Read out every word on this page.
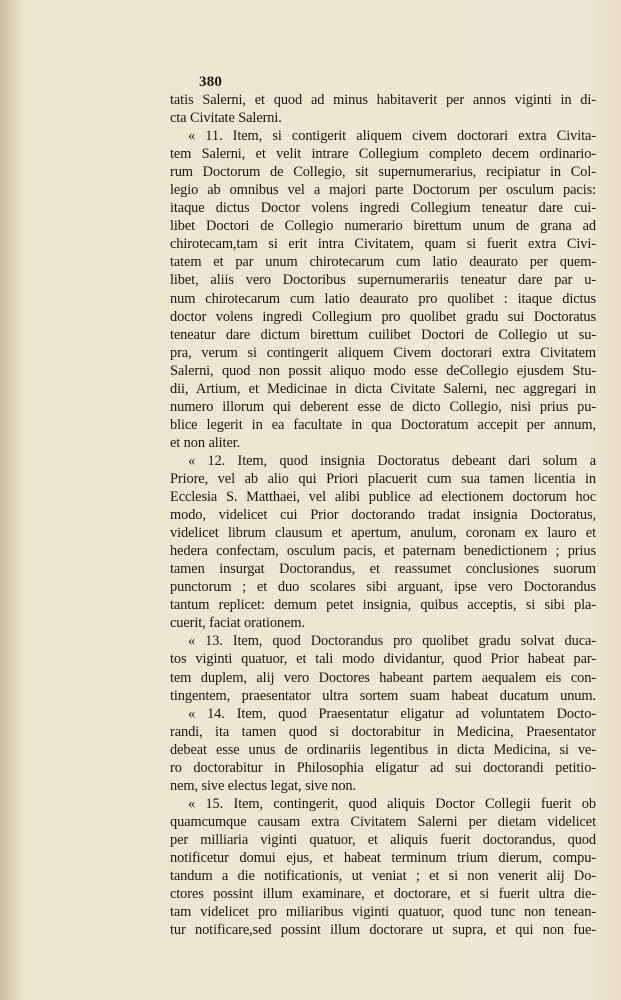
380
tatis Salerni, et quod ad minus habitaverit per annos viginti in di-
cta Civitate Salerni.
« 11. Item, si contigerit aliquem civem doctorari extra Civita-
tem Salerni, et velit intrare Collegium completo decem ordinario-
rum Doctorum de Collegio, sit supernumerarius, recipiatur in Col-
legio ab omnibus vel a majori parte Doctorum per osculum pacis:
itaque dictus Doctor volens ingredi Collegium teneatur dare cui-
libet Doctori de Collegio numerario birettum unum de grana ad
chirotecam,tam si erit intra Civitatem, quam si fuerit extra Civi-
tatem et par unum chirotecarum cum latio deaurato per quem-
libet, aliis vero Doctoribus supernumerariis teneatur dare par u-
num chirotecarum cum latio deaurato pro quolibet : itaque dictus
doctor volens ingredi Collegium pro quolibet gradu sui Doctoratus
teneatur dare dictum birettum cuilibet Doctori de Collegio ut su-
pra, verum si contingerit aliquem Civem doctorari extra Civitatem
Salerni, quod non possit aliquo modo esse deCollegio ejusdem Stu-
dii, Artium, et Medicinae in dicta Civitate Salerni, nec aggregari in
numero illorum qui deberent esse de dicto Collegio, nisi prius pu-
blice legerit in ea facultate in qua Doctoratum accepit per annum,
et non aliter.
« 12. Item, quod insignia Doctoratus debeant dari solum a
Priore, vel ab alio qui Priori placuerit cum sua tamen licentia in
Ecclesia S. Matthaei, vel alibi publice ad electionem doctorum hoc
modo, videlicet cui Prior doctorando tradat insignia Doctoratus,
videlicet librum clausum et apertum, anulum, coronam ex lauro et
hedera confectam, osculum pacis, et paternam benedictionem ; prius
tamen insurgat Doctorandus, et reassumet conclusiones suorum
punctorum ; et duo scolares sibi arguant, ipse vero Doctorandus
tantum replicet: demum petet insignia, quibus acceptis, si sibi pla-
cuerit, faciat orationem.
« 13. Item, quod Doctorandus pro quolibet gradu solvat duca-
tos viginti quatuor, et tali modo dividantur, quod Prior habeat par-
tem duplem, alij vero Doctores habeant partem aequalem eis con-
tingentem, praesentator ultra sortem suam habeat ducatum unum.
« 14. Item, quod Praesentatur eligatur ad voluntatem Docto-
randi, ita tamen quod si doctorabitur in Medicina, Praesentator
debeat esse unus de ordinariis legentibus in dicta Medicina, si ve-
ro doctorabitur in Philosophia eligatur ad sui doctorandi petitio-
nem, sive electus legat, sive non.
« 15. Item, contingerit, quod aliquis Doctor Collegii fuerit ob
quamcumque causam extra Civitatem Salerni per dietam videlicet
per milliaria viginti quatuor, et aliquis fuerit doctorandus, quod
notificetur domui ejus, et habeat terminum trium dierum, compu-
tandum a die notificationis, ut veniat ; et si non venerit alij Do-
ctores possint illum examinare, et doctorare, et si fuerit ultra die-
tam videlicet pro miliaribus viginti quatuor, quod tunc non tenean-
tur notificare,sed possint illum doctorare ut supra, et qui non fue-
